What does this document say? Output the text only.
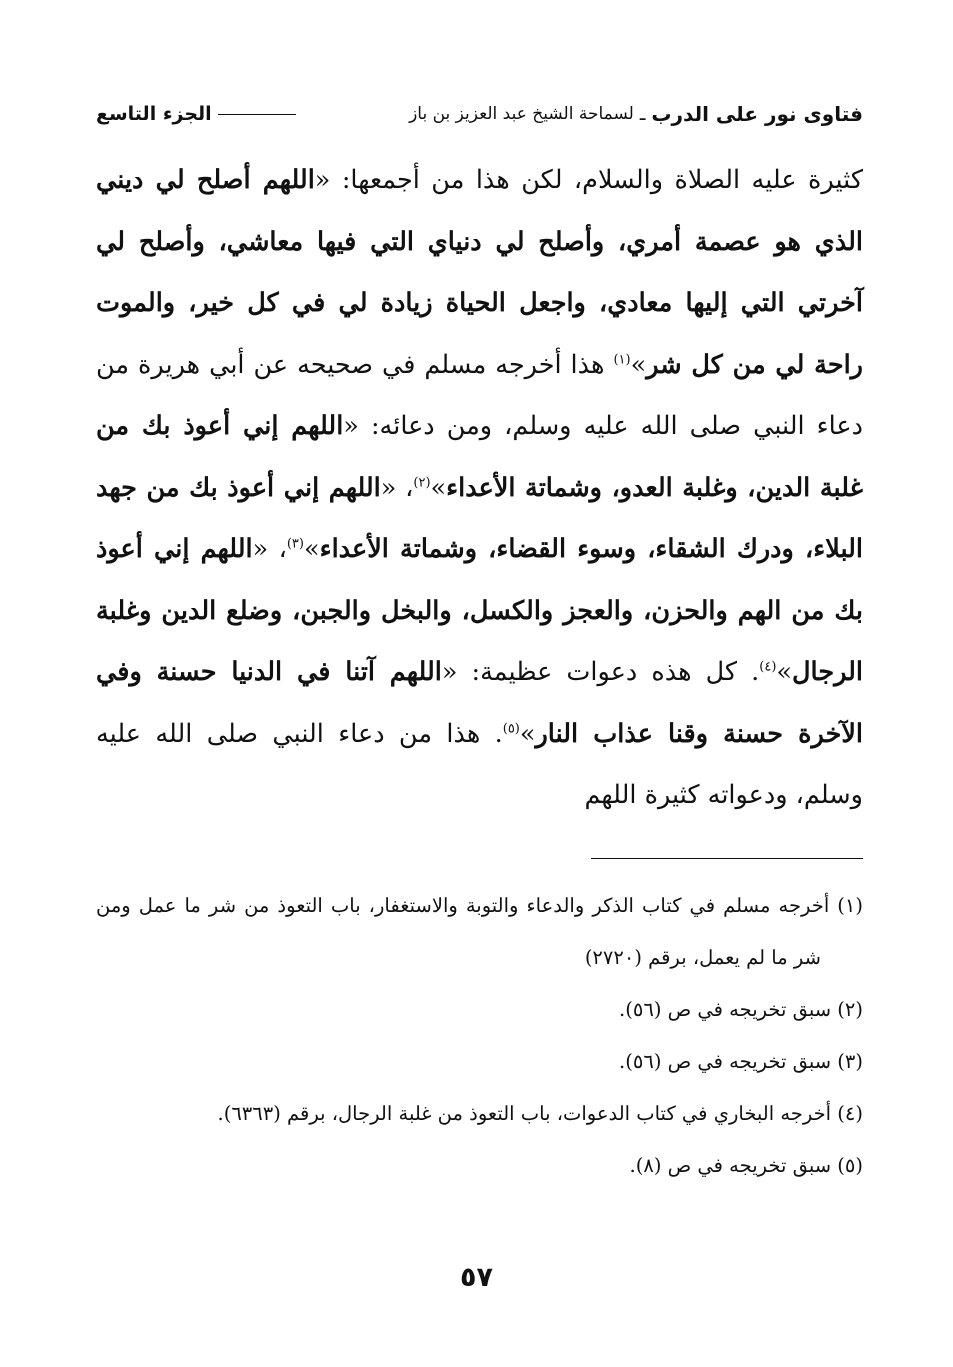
فتاوى نور على الدرب
ـ
لسماحة الشيخ عبد العزيز بن باز
الجزء التاسع
كثيرة عليه الصلاة والسلام، لكن هذا من أجمعها: «اللهم أصلح لي ديني الذي هو عصمة أمري، وأصلح لي دنياي التي فيها معاشي، وأصلح لي آخرتي التي إليها معادي، واجعل الحياة زيادة لي في كل خير، والموت راحة لي من كل شر»$^{(١)}$ هذا أخرجه مسلم في صحيحه عن أبي هريرة من دعاء النبي صلى الله عليه وسلم، ومن دعائه: «اللهم إني أعوذ بك من غلبة الدين، وغلبة العدو، وشماتة الأعداء»$^{(٢)}$، «اللهم إني أعوذ بك من جهد البلاء، ودرك الشقاء، وسوء القضاء، وشماتة الأعداء»$^{(٣)}$، «اللهم إني أعوذ بك من الهم والحزن، والعجز والكسل، والبخل والجبن، وضلع الدين وغلبة الرجال»$^{(٤)}$. كل هذه دعوات عظيمة: «اللهم آتنا في الدنيا حسنة وفي الآخرة حسنة وقنا عذاب النار»$^{(٥)}$. هذا من دعاء النبي صلى الله عليه وسلم، ودعواته كثيرة اللهم
(١) أخرجه مسلم في كتاب الذكر والدعاء والتوبة والاستغفار، باب التعوذ من شر ما عمل ومن شر ما لم يعمل، برقم (٢٧٢٠)
(٢) سبق تخريجه في ص (٥٦).
(٣) سبق تخريجه في ص (٥٦).
(٤) أخرجه البخاري في كتاب الدعوات، باب التعوذ من غلبة الرجال، برقم (٦٣٦٣).
(٥) سبق تخريجه في ص (٨).
٥٧
